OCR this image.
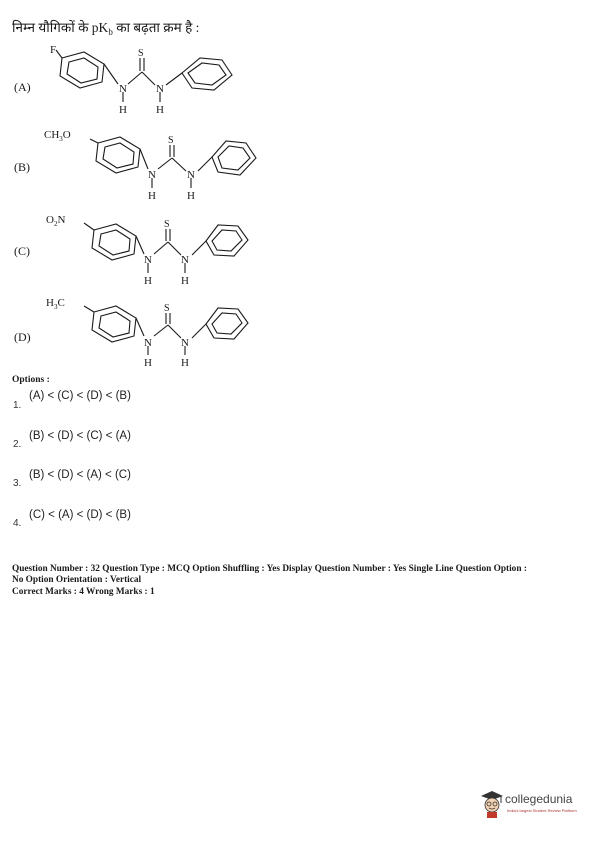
निम्न यौगिकों के $pK_b$ का बढ़ता क्रम है :
(A)
F
N	N
S
H	H
(B)
$CH_3O$
N	N
S
H	H
(C)
$O_2N$
N	N
S
H	H
(D)
$H_3C$
N	N
S
H	H
Options :
1.
(A) < (C) < (D) < (B)
2.
(B) < (D) < (C) < (A)
3.
(B) < (D) < (A) < (C)
4.
(C) < (A) < (D) < (B)
Question Number : 32 Question Type : MCQ Option Shuffling : Yes Display Question Number : Yes Single Line Question Option :
No Option Orientation : Vertical
Correct Marks : 4 Wrong Marks : 1
collegedunia
India's largest Student Review Platform
